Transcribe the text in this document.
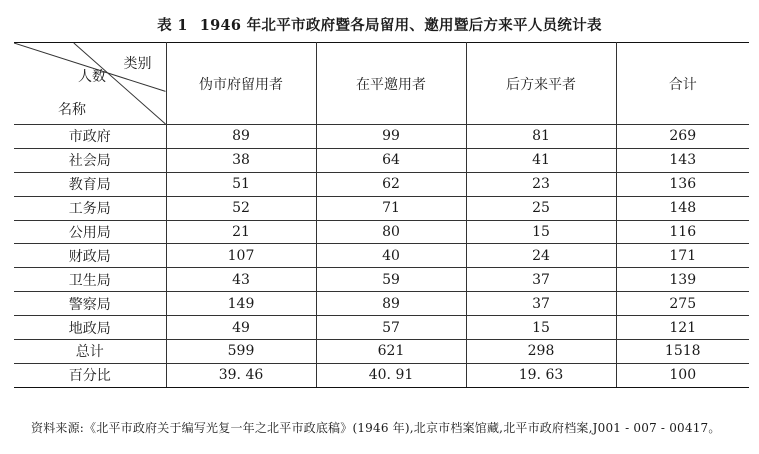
表 1 1946 年北平市政府暨各局留用、邀用暨后方来平人员统计表
类别
人数
名称	伪市府留用者	在平邀用者	后方来平者	合计
市政府	89	99	81	269
社会局	38	64	41	143
教育局	51	62	23	136
工务局	52	71	25	148
公用局	21	80	15	116
财政局	107	40	24	171
卫生局	43	59	37	139
警察局	149	89	37	275
地政局	49	57	15	121
总计	599	621	298	1518
百分比	39. 46	40. 91	19. 63	100
资料来源:《北平市政府关于编写光复一年之北平市政底稿》(1946 年),北京市档案馆藏,北平市政府档案,J001 - 007 - 00417。
